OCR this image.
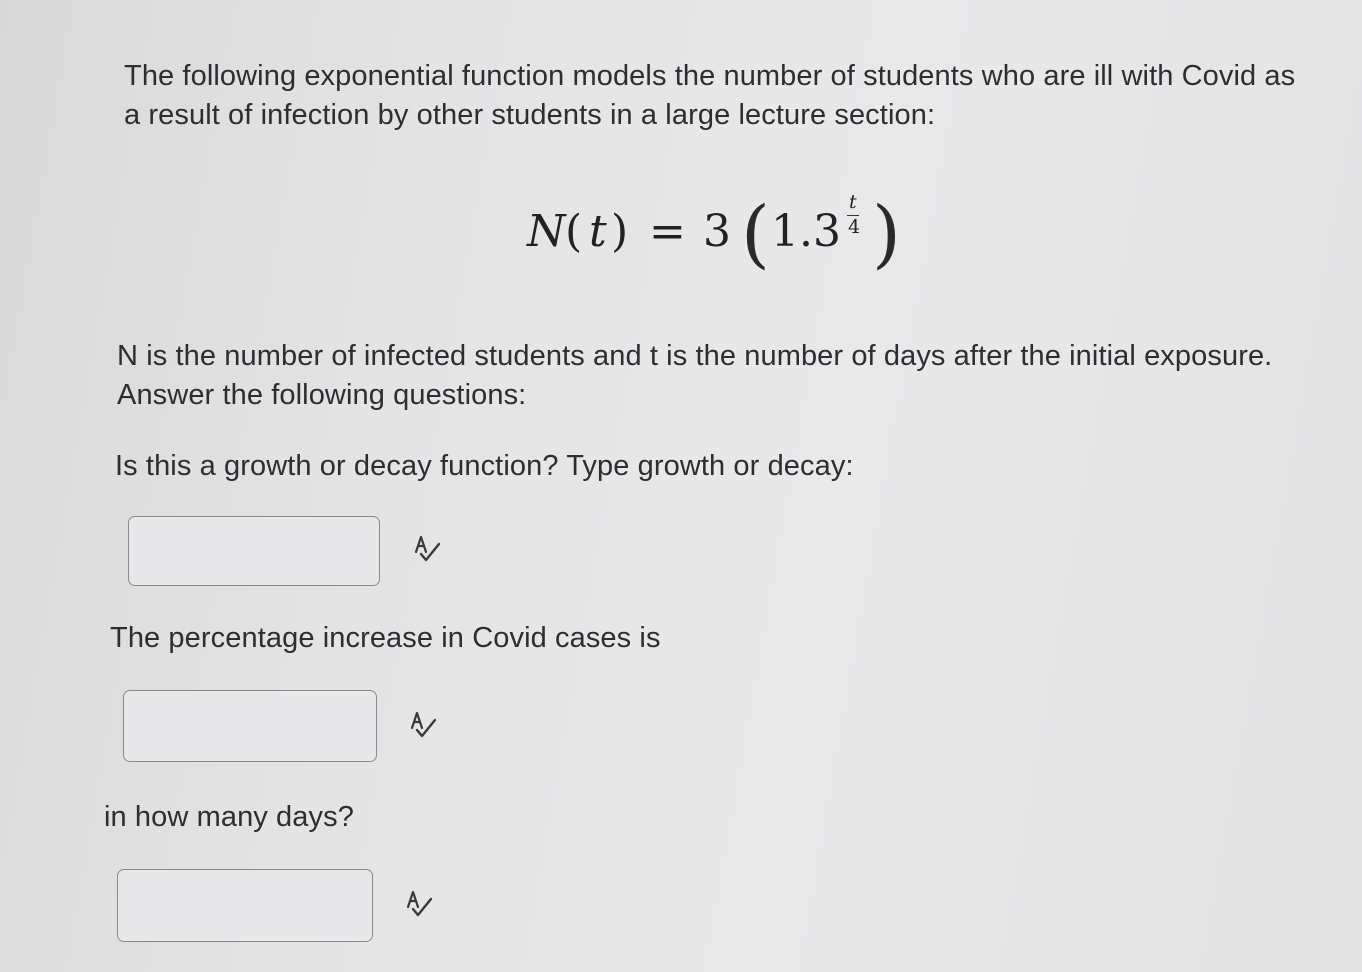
The following exponential function models the number of students who are ill with Covid as a result of infection by other students in a large lecture section:

N ( t ) = 3 ( 1.3
t
4 )

N is the number of infected students and t is the number of days after the initial exposure. Answer the following questions:

Is this a growth or decay function? Type growth or decay:

The percentage increase in Covid cases is

in how many days?
